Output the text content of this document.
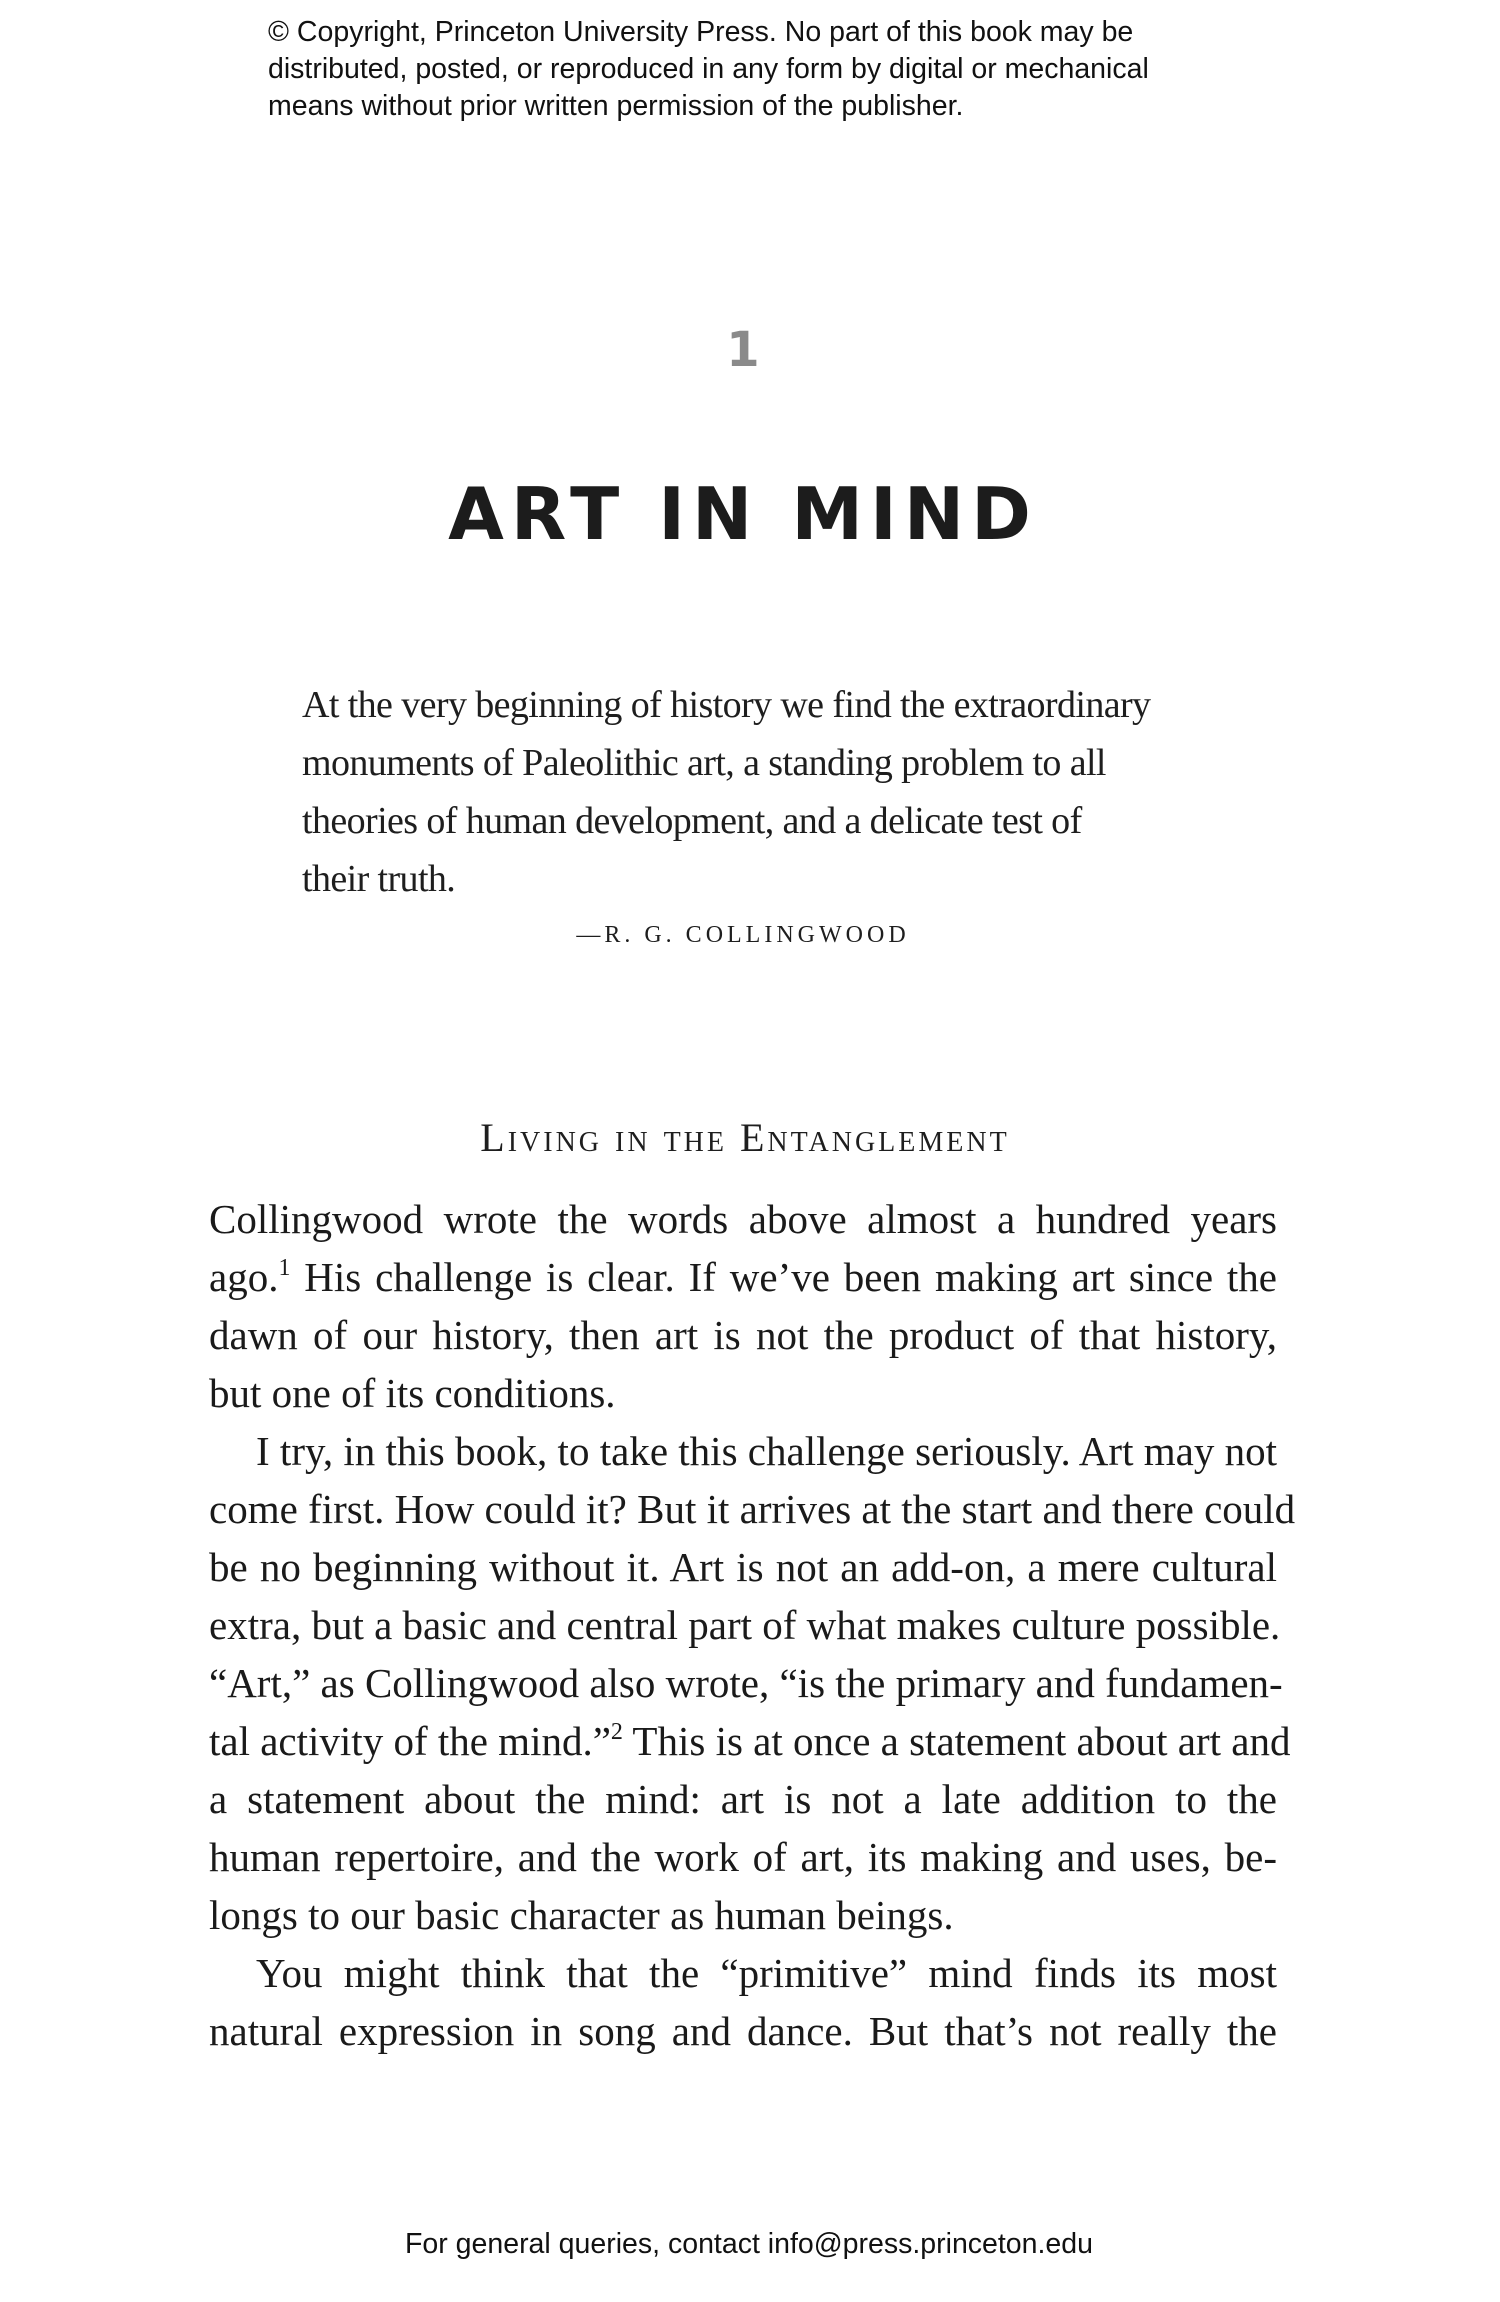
© Copyright, Princeton University Press. No part of this book may be
distributed, posted, or reproduced in any form by digital or mechanical
means without prior written permission of the publisher.
1
ART IN MIND
At the very beginning of history we find the extraordinary
monuments of Paleolithic art, a standing problem to all
theories of human development, and a delicate test of
their truth.
—R. G. COLLINGWOOD
Living in the Entanglement
Collingwood wrote the words above almost a hundred years
ago.$^1$ His challenge is clear. If we’ve been making art since the
dawn of our history, then art is not the product of that history,
but one of its conditions.
I try, in this book, to take this challenge seriously. Art may not
come first. How could it? But it arrives at the start and there could
be no beginning without it. Art is not an add-on, a mere cultural
extra, but a basic and central part of what makes culture possible.
“Art,” as Collingwood also wrote, “is the primary and fundamen-
tal activity of the mind.”$^2$ This is at once a statement about art and
a statement about the mind: art is not a late addition to the
human repertoire, and the work of art, its making and uses, be-
longs to our basic character as human beings.
You might think that the “primitive” mind finds its most
natural expression in song and dance. But that’s not really the
For general queries, contact info@press.princeton.edu
